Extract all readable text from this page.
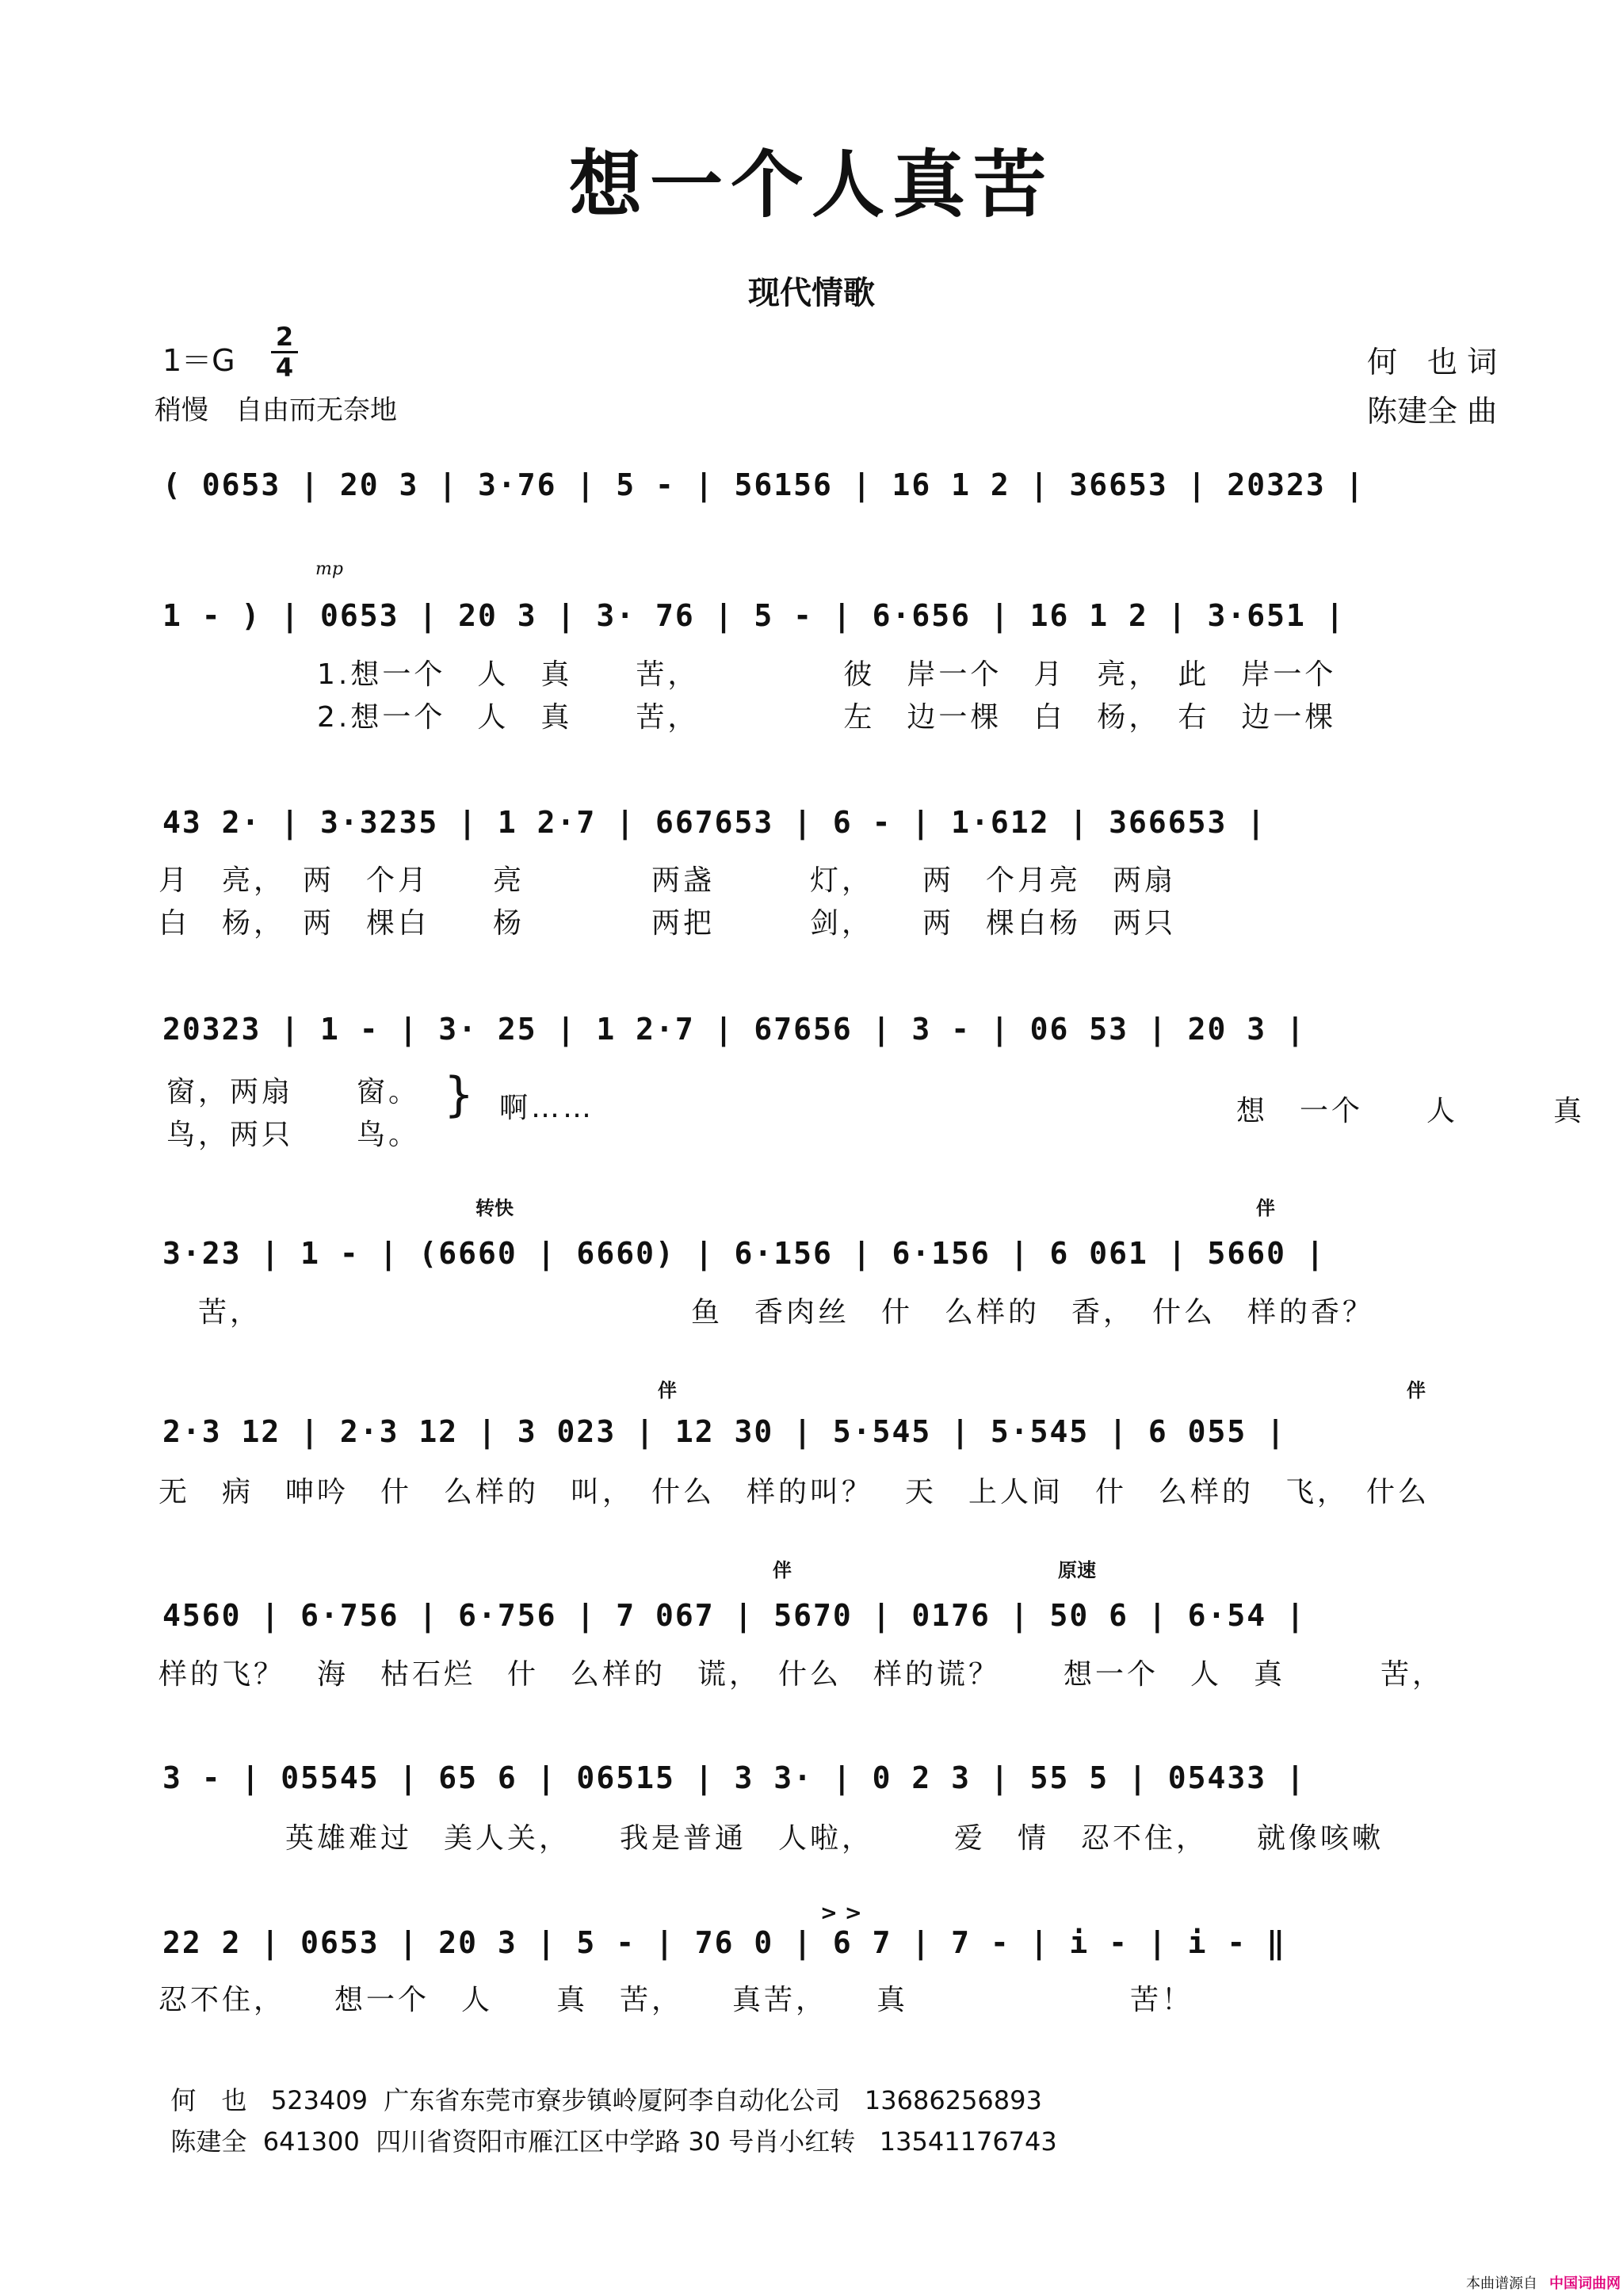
想一个人真苦
现代情歌
1＝G
2
4
稍慢　自由而无奈地
何　也 词
陈建全 曲
( 0653 | 20 3 | 3·76 | 5 - | 56156 | 16 1 2 | 36653 | 20323 |
mp
1 - ) | 0653 | 20 3 | 3· 76 | 5 - | 6·656 | 16 1 2 | 3·651 |
1.想一个　人　真　　苦，　　　　　彼　岸一个　月　亮，　此　岸一个
2.想一个　人　真　　苦，　　　　　左　边一棵　白　杨，　右　边一棵
43 2· | 3·3235 | 1 2·7 | 667653 | 6 - | 1·612 | 366653 |
月　亮，　两　个月　　亮　　　　两盏　　　灯，　　两　个月亮　两扇
白　杨，　两　棵白　　杨　　　　两把　　　剑，　　两　棵白杨　两只
20323 | 1 - | 3· 25 | 1 2·7 | 67656 | 3 - | 06 53 | 20 3 |
窗，两扇　　窗。
鸟，两只　　鸟。
} 啊……	想　一个　　人　　　真
转快	伴
3·23 | 1 - | (6660 | 6660) | 6·156 | 6·156 | 6 061 | 5660 |
　苦，　　　　　　　　　　　　　　鱼　香肉丝　什　么样的　香，　什么　样的香？
伴	伴
2·3 12 | 2·3 12 | 3 023 | 12 30 | 5·545 | 5·545 | 6 055 |
无　病　呻吟　什　么样的　叫，　什么　样的叫？　天　上人间　什　么样的　飞，　什么
伴	原速
4560 | 6·756 | 6·756 | 7 067 | 5670 | 0176 | 50 6 | 6·54 |
样的飞？　海　枯石烂　什　么样的　谎，　什么　样的谎？　　想一个　人　真　　　苦，
3 - | 05545 | 65 6 | 06515 | 3 3· | 0 2 3 | 55 5 | 05433 |
　　　　英雄难过　美人关，　　我是普通　人啦，　　　爱　情　忍不住，　　就像咳嗽
> >
22 2 | 0653 | 20 3 | 5 - | 76 0 | 6 7 | 7 - | i - | i - ‖
忍不住，　　想一个　人　　真　苦，　　真苦，　　真　　　　　　　苦！

何　也 523409 广东省东莞市寮步镇岭厦阿李自动化公司 13686256893

陈建全 641300 四川省资阳市雁江区中学路 30 号肖小红转 13541176743

本曲谱源自 中国词曲网
